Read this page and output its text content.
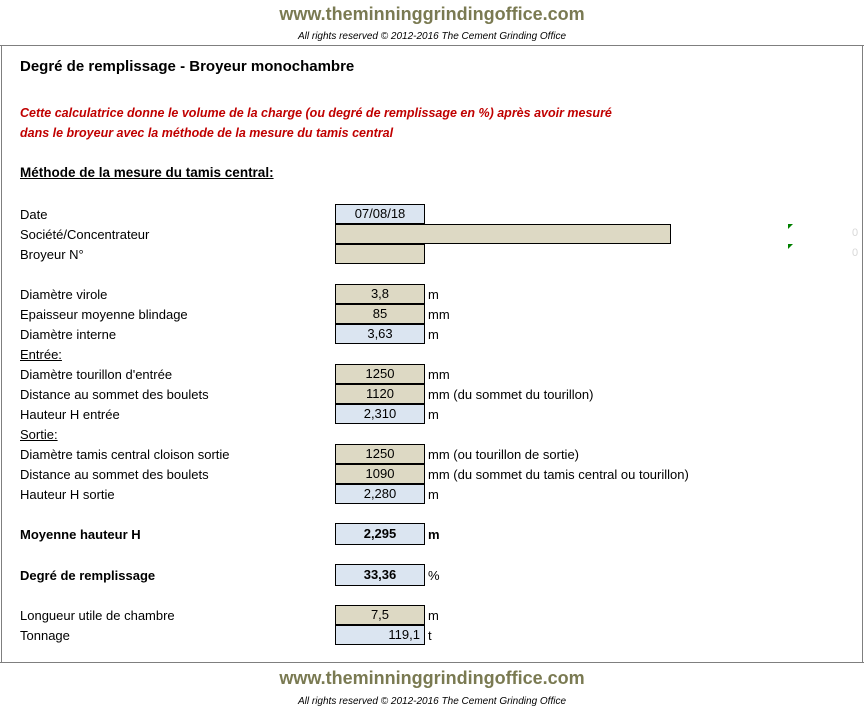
www.theminninggrindingoffice.com
All rights reserved © 2012-2016 The Cement Grinding Office
Degré de remplissage - Broyeur monochambre
Cette calculatrice donne le volume de la charge (ou degré de remplissage en %) après avoir mesuré
dans le broyeur avec la méthode de la mesure du tamis central
Méthode de la mesure du tamis central:
Date	07/08/18
Société/Concentrateur	0
Broyeur N°	0
Diamètre virole	3,8	m
Epaisseur moyenne blindage	85	mm
Diamètre interne	3,63	m
Entrée:
Diamètre tourillon d'entrée	1250	mm
Distance au sommet des boulets	1120	mm (du sommet du tourillon)
Hauteur H entrée	2,310	m
Sortie:
Diamètre tamis central cloison sortie	1250	mm (ou tourillon de sortie)
Distance au sommet des boulets	1090	mm (du sommet du tamis central ou tourillon)
Hauteur H sortie	2,280	m
Moyenne hauteur H	2,295	m
Degré de remplissage	33,36	%
Longueur utile de chambre	7,5	m
Tonnage	119,1 t
www.theminninggrindingoffice.com
All rights reserved © 2012-2016 The Cement Grinding Office
